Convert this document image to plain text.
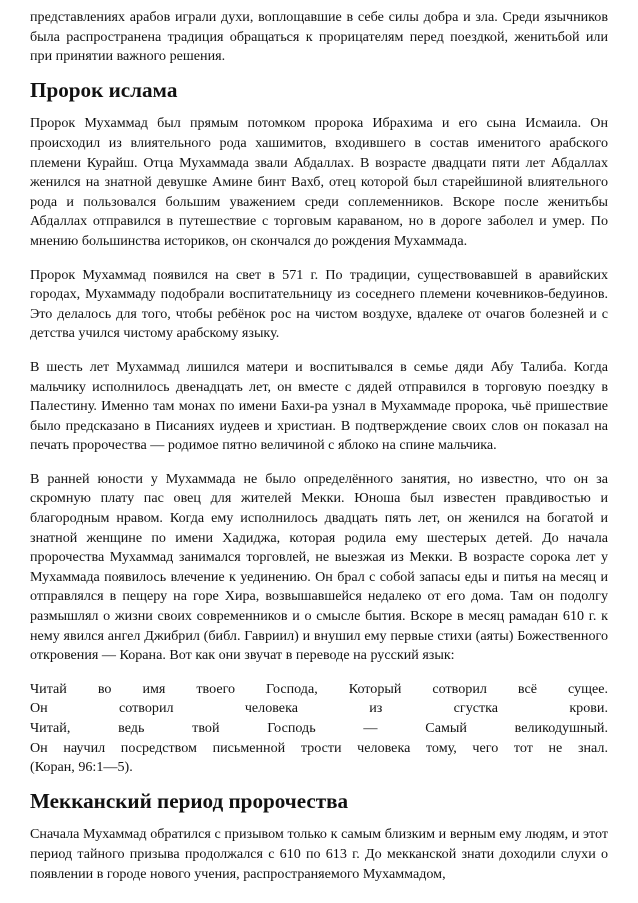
представлениях арабов играли духи, воплощавшие в себе силы добра и зла. Среди язычников была распространена традиция обращаться к прорицателям перед поездкой, женитьбой или при принятии важного решения.

Пророк ислама

Пророк Мухаммад был прямым потомком пророка Ибрахима и его сына Исмаила. Он происходил из влиятельного рода хашимитов, входившего в состав именитого арабского племени Курайш. Отца Мухаммада звали Абдаллах. В возрасте двадцати пяти лет Абдаллах женился на знатной девушке Амине бинт Вахб, отец которой был старейшиной влиятельного рода и пользовался большим уважением среди соплеменников. Вскоре после женитьбы Абдаллах отправился в путешествие с торговым караваном, но в дороге заболел и умер. По мнению большинства историков, он скончался до рождения Мухаммада.

Пророк Мухаммад появился на свет в 571 г. По традиции, существовавшей в аравийских городах, Мухаммаду подобрали воспитательницу из соседнего племени кочевников-бедуинов. Это делалось для того, чтобы ребёнок рос на чистом воздухе, вдалеке от очагов болезней и с детства учился чистому арабскому языку.

В шесть лет Мухаммад лишился матери и воспитывался в семье дяди Абу Талиба. Когда мальчику исполнилось двенадцать лет, он вместе с дядей отправился в торговую поездку в Палестину. Именно там монах по имени Бахи-ра узнал в Мухаммаде пророка, чьё пришествие было предсказано в Писаниях иудеев и христиан. В подтверждение своих слов он показал на печать пророчества — родимое пятно величиной с яблоко на спине мальчика.

В ранней юности у Мухаммада не было определённого занятия, но известно, что он за скромную плату пас овец для жителей Мекки. Юноша был известен правдивостью и благородным нравом. Когда ему исполнилось двадцать пять лет, он женился на богатой и знатной женщине по имени Хадиджа, которая родила ему шестерых детей. До начала пророчества Мухаммад занимался торговлей, не выезжая из Мекки. В возрасте сорока лет у Мухаммада появилось влечение к уединению. Он брал с собой запасы еды и питья на месяц и отправлялся в пещеру на горе Хира, возвышавшейся недалеко от его дома. Там он подолгу размышлял о жизни своих современников и о смысле бытия. Вскоре в месяц рамадан 610 г. к нему явился ангел Джибрил (библ. Гавриил) и внушил ему первые стихи (аяты) Божественного откровения — Корана. Вот как они звучат в переводе на русский язык:

Читай во имя твоего Господа, Который сотворил всё сущее.
Он сотворил человека из сгустка крови.
Читай, ведь твой Господь — Самый великодушный.
Он научил посредством письменной трости человека тому, чего тот не знал.
(Коран, 96:1—5).
Мекканский период пророчества

Сначала Мухаммад обратился с призывом только к самым близким и верным ему людям, и этот период тайного призыва продолжался с 610 по 613 г. До мекканской знати доходили слухи о появлении в городе нового учения, распространяемого Мухаммадом,
